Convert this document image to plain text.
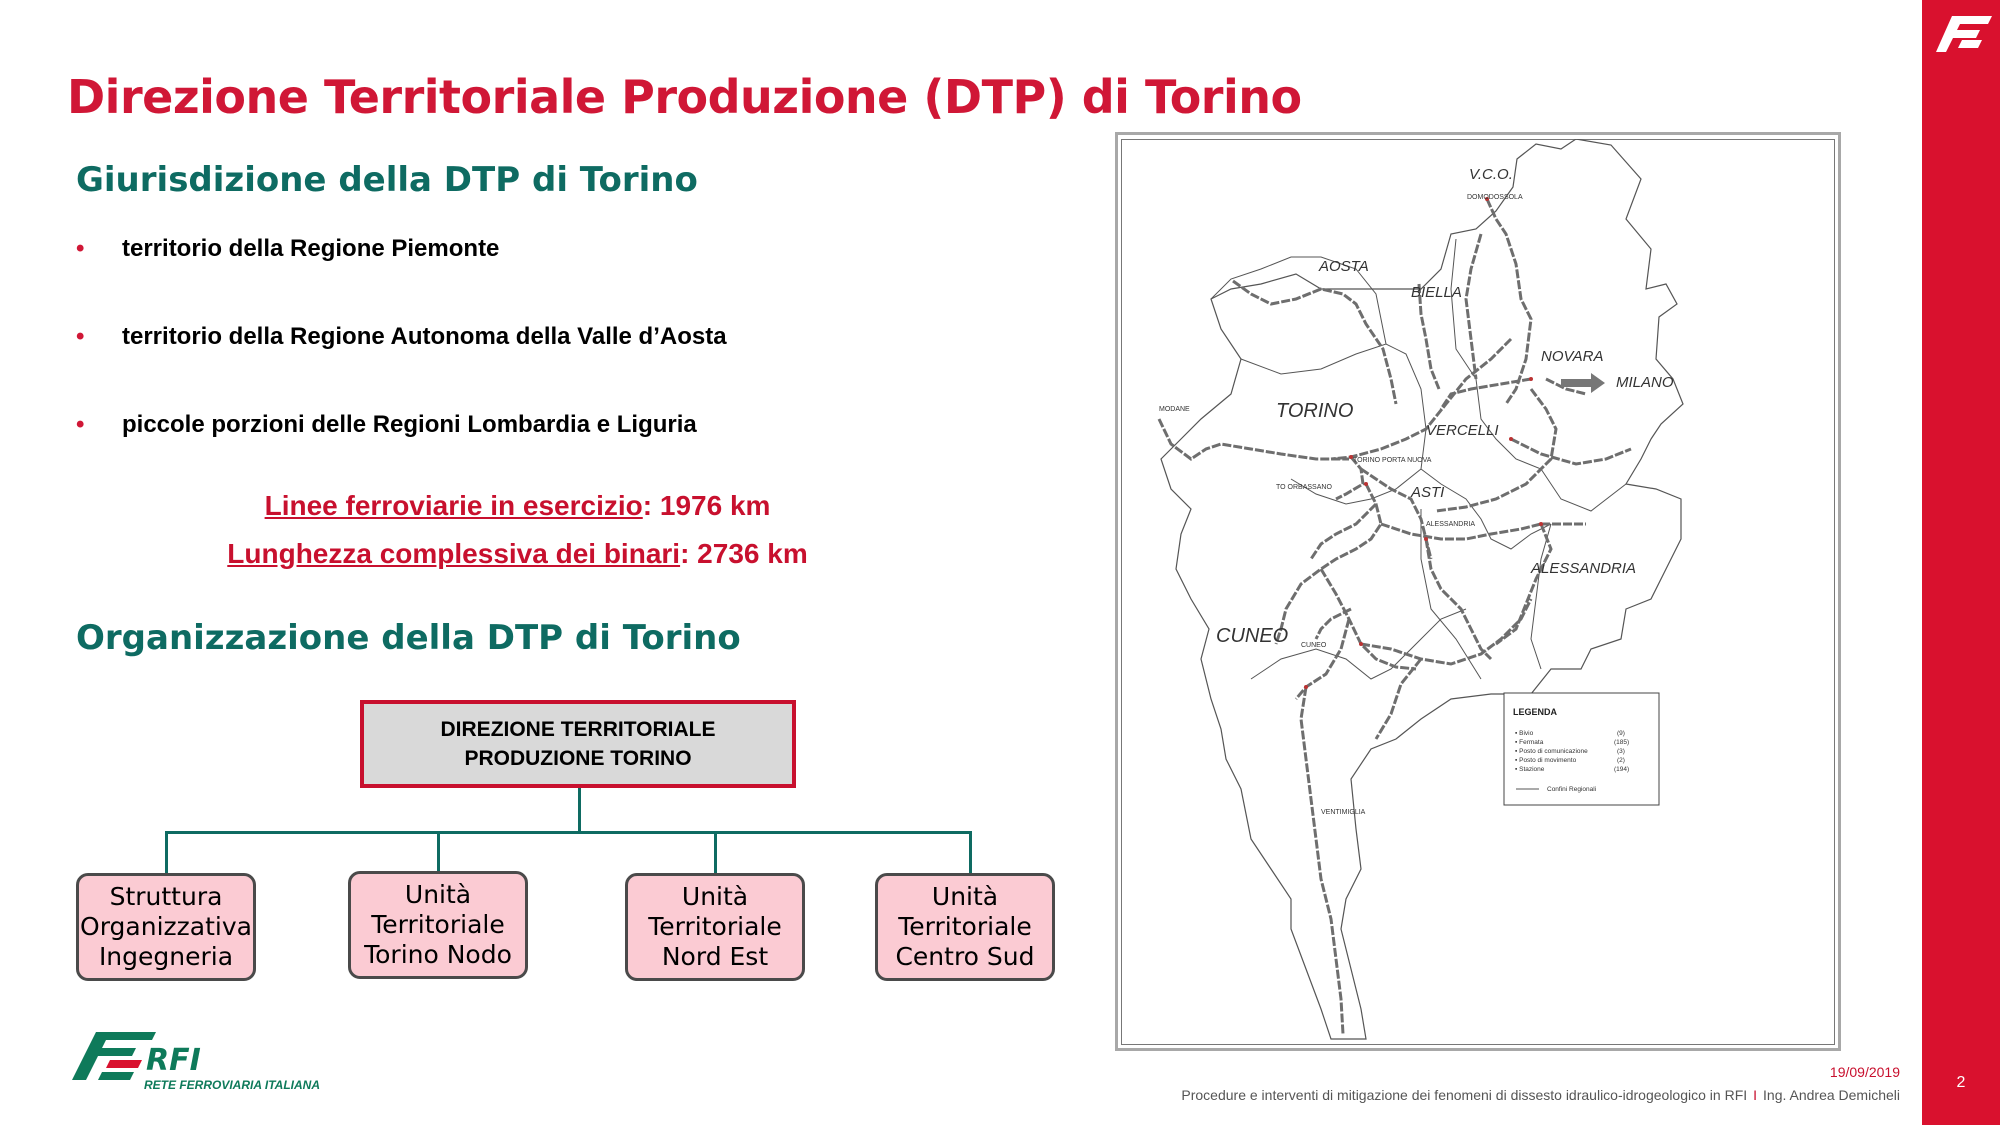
2
Direzione Territoriale Produzione (DTP) di Torino
Giurisdizione della DTP di Torino
• territorio della Regione Piemonte
• territorio della Regione Autonoma della Valle d’Aosta
• piccole porzioni delle Regioni Lombardia e Liguria
Linee ferroviarie in esercizio: 1976 km
Lunghezza complessiva dei binari: 2736 km
Organizzazione della DTP di Torino
DIREZIONE TERRITORIALE
PRODUZIONE TORINO
Struttura
Organizzativa
Ingegneria
Unità
Territoriale
Torino Nodo
Unità
Territoriale
Nord Est
Unità
Territoriale
Centro Sud
V.C.O.
AOSTA
BIELLA
NOVARA
MILANO
TORINO
VERCELLI
ASTI
ALESSANDRIA
CUNEO
DOMODOSSOLA
MODANE
TORINO PORTA NUOVA
TO ORBASSANO
ALESSANDRIA
CUNEO
VENTIMIGLIA
LEGENDA
▪ Bivio	(9)
▪ Fermata	(185)
▪ Posto di comunicazione	(3)
▪ Posto di movimento	(2)
▪ Stazione	(194)
Confini Regionali
RFI
RETE FERROVIARIA ITALIANA
19/09/2019
Procedure e interventi di mitigazione dei fenomeni di dissesto idraulico-idrogeologico in RFI I Ing. Andrea Demicheli
